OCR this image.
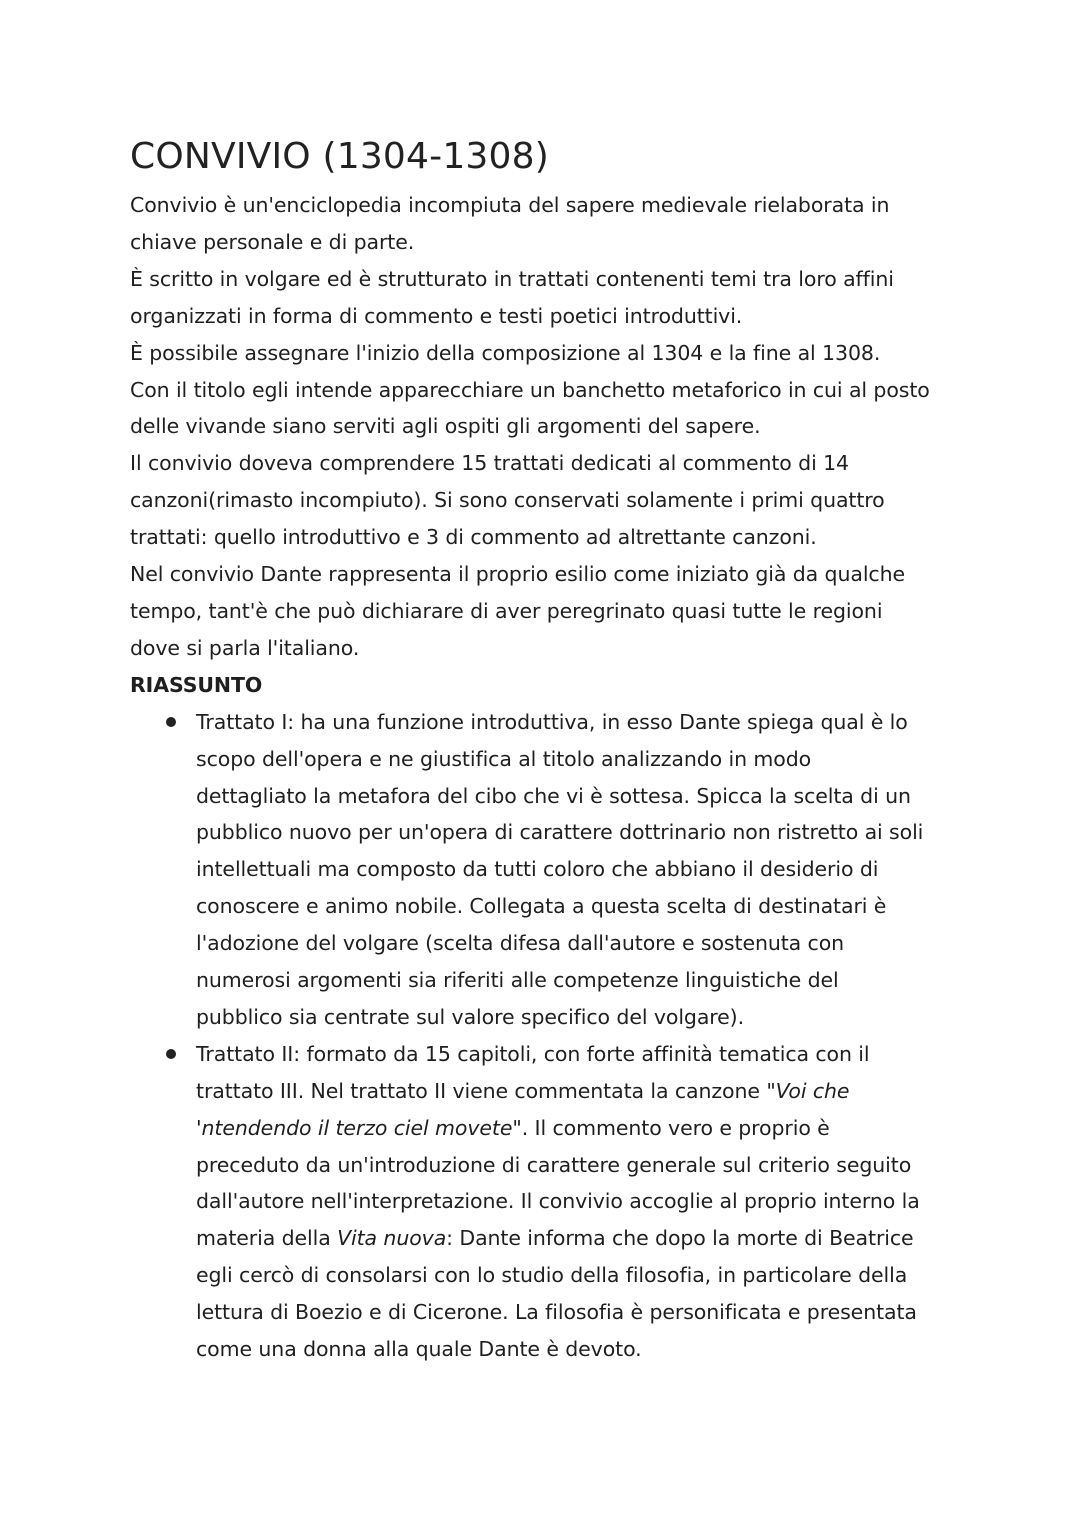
CONVIVIO (1304-1308)
Convivio è un'enciclopedia incompiuta del sapere medievale rielaborata in
chiave personale e di parte.
È scritto in volgare ed è strutturato in trattati contenenti temi tra loro affini
organizzati in forma di commento e testi poetici introduttivi.
È possibile assegnare l'inizio della composizione al 1304 e la fine al 1308.
Con il titolo egli intende apparecchiare un banchetto metaforico in cui al posto
delle vivande siano serviti agli ospiti gli argomenti del sapere.
Il convivio doveva comprendere 15 trattati dedicati al commento di 14
canzoni(rimasto incompiuto). Si sono conservati solamente i primi quattro
trattati: quello introduttivo e 3 di commento ad altrettante canzoni.
Nel convivio Dante rappresenta il proprio esilio come iniziato già da qualche
tempo, tant'è che può dichiarare di aver peregrinato quasi tutte le regioni
dove si parla l'italiano.
RIASSUNTO
Trattato I: ha una funzione introduttiva, in esso Dante spiega qual è lo
scopo dell'opera e ne giustifica al titolo analizzando in modo
dettagliato la metafora del cibo che vi è sottesa. Spicca la scelta di un
pubblico nuovo per un'opera di carattere dottrinario non ristretto ai soli
intellettuali ma composto da tutti coloro che abbiano il desiderio di
conoscere e animo nobile. Collegata a questa scelta di destinatari è
l'adozione del volgare (scelta difesa dall'autore e sostenuta con
numerosi argomenti sia riferiti alle competenze linguistiche del
pubblico sia centrate sul valore specifico del volgare).
Trattato II: formato da 15 capitoli, con forte affinità tematica con il
trattato III. Nel trattato II viene commentata la canzone "Voi che
'ntendendo il terzo ciel movete". Il commento vero e proprio è
preceduto da un'introduzione di carattere generale sul criterio seguito
dall'autore nell'interpretazione. Il convivio accoglie al proprio interno la
materia della Vita nuova: Dante informa che dopo la morte di Beatrice
egli cercò di consolarsi con lo studio della filosofia, in particolare della
lettura di Boezio e di Cicerone. La filosofia è personificata e presentata
come una donna alla quale Dante è devoto.
